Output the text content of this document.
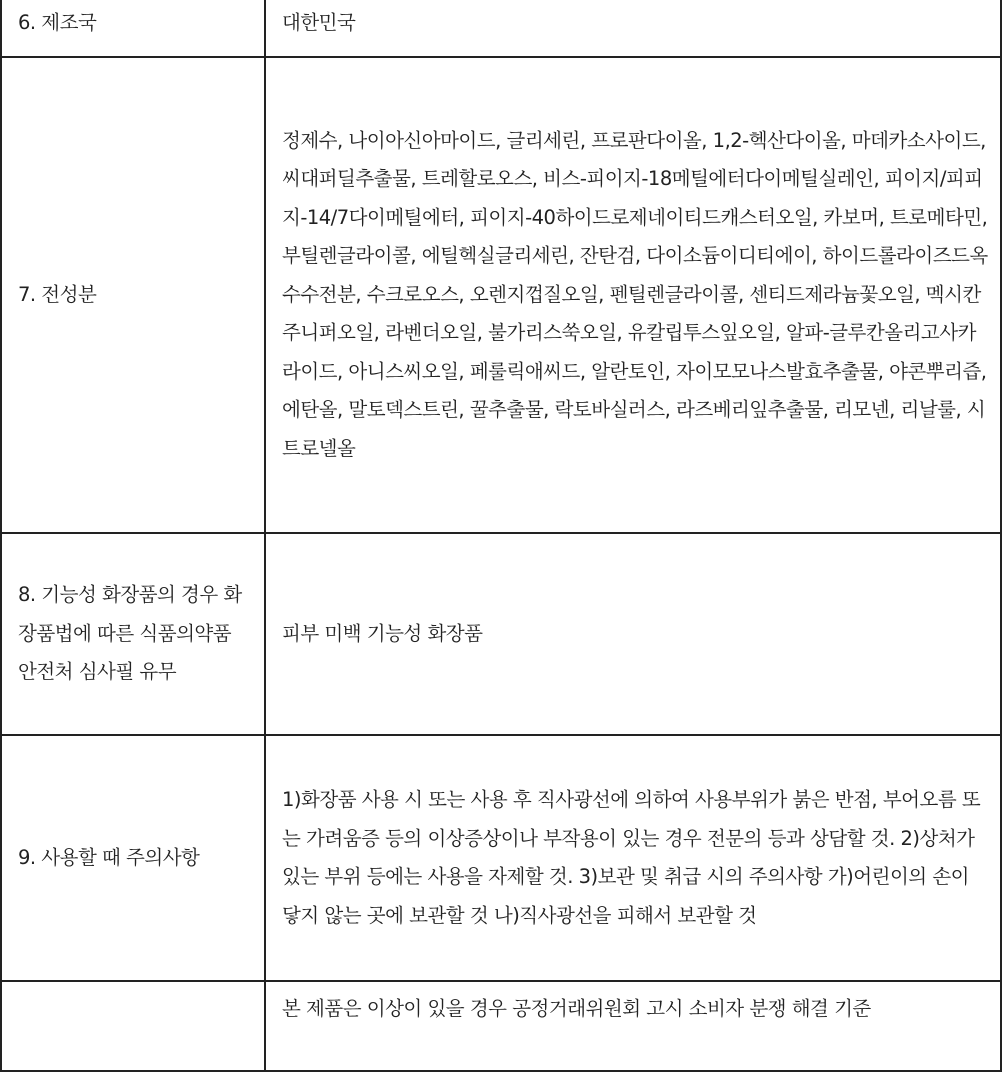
6. 제조국	대한민국
7. 전성분	정제수, 나이아신아마이드, 글리세린, 프로판다이올, 1,2-헥산다이올, 마데카소사이드, 씨대퍼딜추출물, 트레할로오스, 비스-피이지-18메틸에터다이메틸실레인, 피이지/피피지-14/7다이메틸에터, 피이지-40하이드로제네이티드캐스터오일, 카보머, 트로메타민, 부틸렌글라이콜, 에틸헥실글리세린, 잔탄검, 다이소듐이디티에이, 하이드롤라이즈드옥수수전분, 수크로오스, 오렌지껍질오일, 펜틸렌글라이콜, 센티드제라늄꽃오일, 멕시칸주니퍼오일, 라벤더오일, 불가리스쑥오일, 유칼립투스잎오일, 알파-글루칸올리고사카라이드, 아니스씨오일, 페룰릭애씨드, 알란토인, 자이모모나스발효추출물, 야콘뿌리즙, 에탄올, 말토덱스트린, 꿀추출물, 락토바실러스, 라즈베리잎추출물, 리모넨, 리날룰, 시트로넬올
8. 기능성 화장품의 경우 화장품법에 따른 식품의약품 안전처 심사필 유무	피부 미백 기능성 화장품
9. 사용할 때 주의사항	1)화장품 사용 시 또는 사용 후 직사광선에 의하여 사용부위가 붉은 반점, 부어오름 또는 가려움증 등의 이상증상이나 부작용이 있는 경우 전문의 등과 상담할 것. 2)상처가 있는 부위 등에는 사용을 자제할 것. 3)보관 및 취급 시의 주의사항 가)어린이의 손이 닿지 않는 곳에 보관할 것 나)직사광선을 피해서 보관할 것
	본 제품은 이상이 있을 경우 공정거래위원회 고시 소비자 분쟁 해결 기준
